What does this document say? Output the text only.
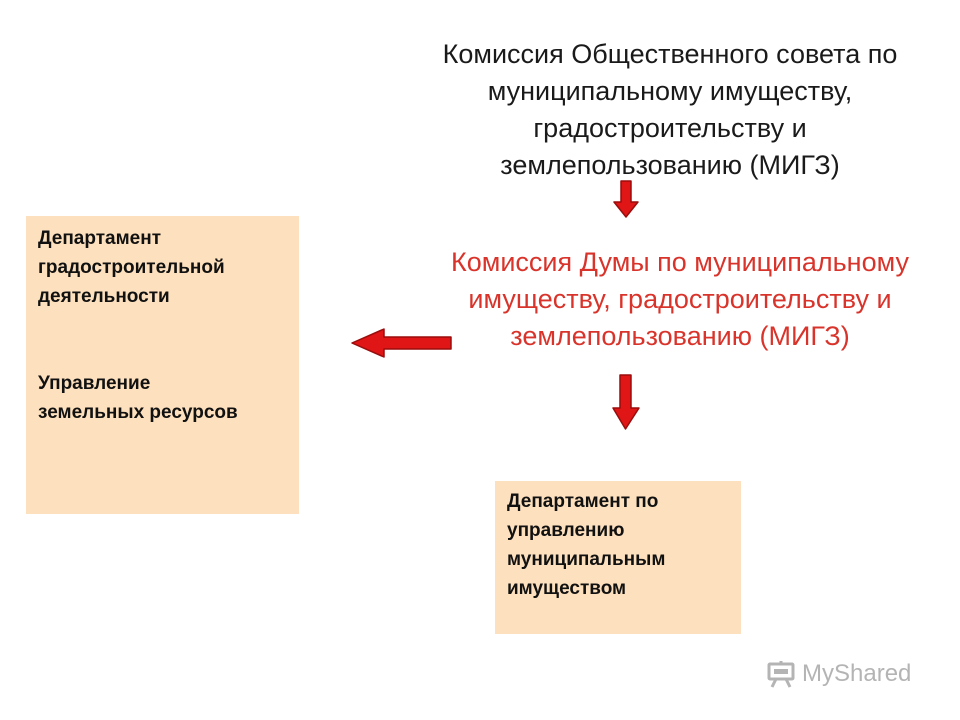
Комиссия Общественного совета по
муниципальному имуществу,
градостроительству и
землепользованию (МИГЗ)
Комиссия Думы по муниципальному
имуществу, градостроительству и
землепользованию (МИГЗ)
Департамент
градостроительной
деятельности
Управление
земельных ресурсов
Департамент по
управлению
муниципальным
имуществом
MyShared
